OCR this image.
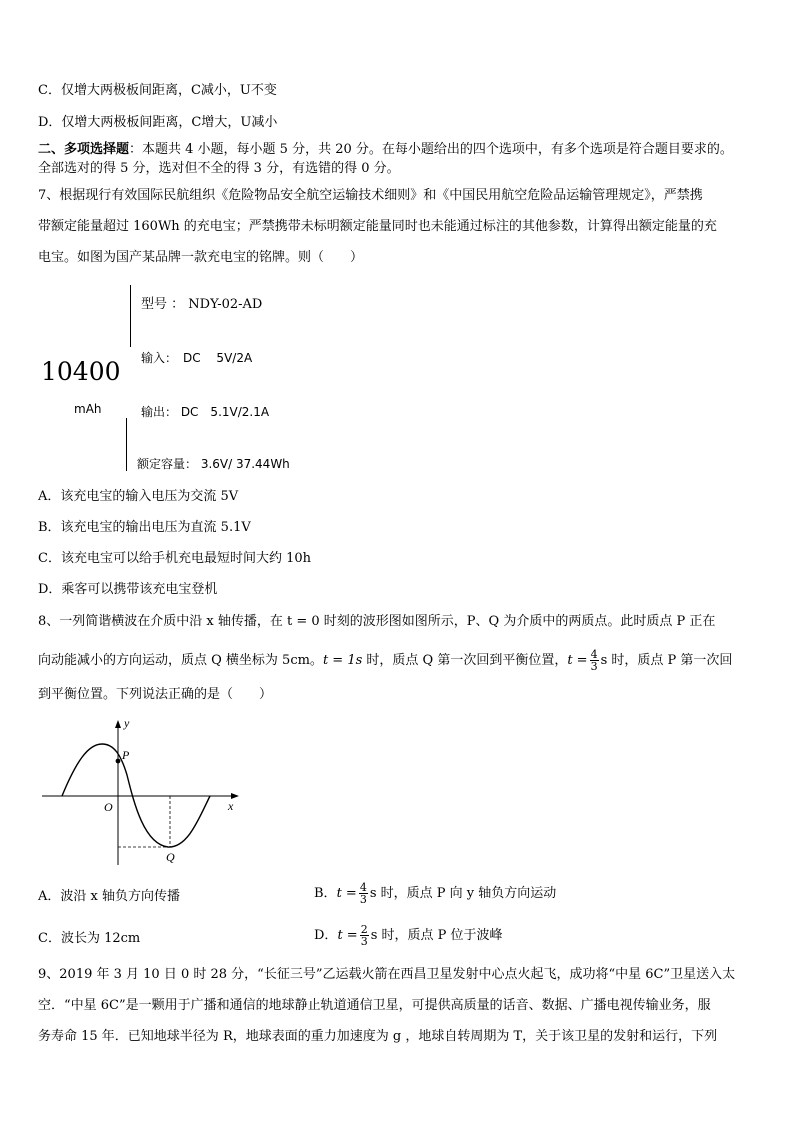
C．仅增大两极板间距离，C减小，U不变
D．仅增大两极板间距离，C增大，U减小
二、多项选择题：本题共 4 小题，每小题 5 分，共 20 分。在每小题给出的四个选项中，有多个选项是符合题目要求的。
全部选对的得 5 分，选对但不全的得 3 分，有选错的得 0 分。
7、根据现行有效国际民航组织《危险物品安全航空运输技术细则》和《中国民用航空危险品运输管理规定》，严禁携
带额定能量超过 160Wh 的充电宝；严禁携带未标明额定能量同时也未能通过标注的其他参数，计算得出额定能量的充
电宝。如图为国产某品牌一款充电宝的铭牌。则（　　）
型号 ： NDY-02-AD
输入：　DC　 5V/2A
10400
mAh	输出： DC　5.1V/2.1A
额定容量： 3.6V/ 37.44Wh
A．该充电宝的输入电压为交流 5V
B．该充电宝的输出电压为直流 5.1V
C．该充电宝可以给手机充电最短时间大约 10h
D．乘客可以携带该充电宝登机
8、一列简谐横波在介质中沿 x 轴传播，在 t = 0 时刻的波形图如图所示，P、Q 为介质中的两质点。此时质点 P 正在
向动能减小的方向运动，质点 Q 横坐标为 5cm。t = 1s 时，质点 Q 第一次回到平衡位置，$t = \frac{4}{3}$ s 时，质点 P 第一次回
到平衡位置。下列说法正确的是（　　）
P
y
O	x
Q
A．波沿 x 轴负方向传播	B．$t = \frac{4}{3}$ s 时，质点 P 向 y 轴负方向运动
C．波长为 12cm	D．$t = \frac{2}{3}$ s 时，质点 P 位于波峰
9、2019 年 3 月 10 日 0 时 28 分，“长征三号”乙运载火箭在西昌卫星发射中心点火起飞，成功将“中星 6C”卫星送入太
空．“中星 6C”是一颗用于广播和通信的地球静止轨道通信卫星，可提供高质量的话音、数据、广播电视传输业务，服
务寿命 15 年．已知地球半径为 R，地球表面的重力加速度为 g ，地球自转周期为 T，关于该卫星的发射和运行，下列
